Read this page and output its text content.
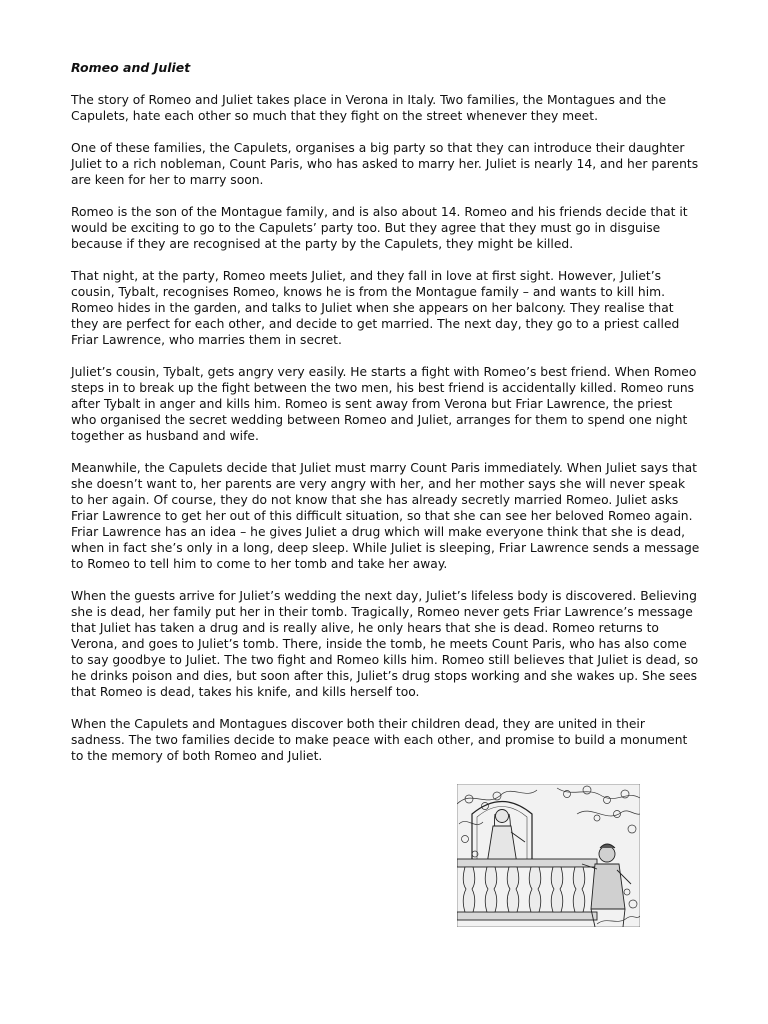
Romeo and Juliet

The story of Romeo and Juliet takes place in Verona in Italy. Two families, the Montagues and the Capulets, hate each other so much that they fight on the street whenever they meet.

One of these families, the Capulets, organises a big party so that they can introduce their daughter Juliet to a rich nobleman, Count Paris, who has asked to marry her. Juliet is nearly 14, and her parents are keen for her to marry soon.

Romeo is the son of the Montague family, and is also about 14. Romeo and his friends decide that it would be exciting to go to the Capulets’ party too. But they agree that they must go in disguise because if they are recognised at the party by the Capulets, they might be killed.

That night, at the party, Romeo meets Juliet, and they fall in love at first sight. However, Juliet’s cousin, Tybalt, recognises Romeo, knows he is from the Montague family – and wants to kill him. Romeo hides in the garden, and talks to Juliet when she appears on her balcony. They realise that they are perfect for each other, and decide to get married. The next day, they go to a priest called Friar Lawrence, who marries them in secret.

Juliet’s cousin, Tybalt, gets angry very easily. He starts a fight with Romeo’s best friend. When Romeo steps in to break up the fight between the two men, his best friend is accidentally killed. Romeo runs after Tybalt in anger and kills him. Romeo is sent away from Verona but Friar Lawrence, the priest who organised the secret wedding between Romeo and Juliet, arranges for them to spend one night together as husband and wife.

Meanwhile, the Capulets decide that Juliet must marry Count Paris immediately. When Juliet says that she doesn’t want to, her parents are very angry with her, and her mother says she will never speak to her again. Of course, they do not know that she has already secretly married Romeo. Juliet asks Friar Lawrence to get her out of this difficult situation, so that she can see her beloved Romeo again. Friar Lawrence has an idea – he gives Juliet a drug which will make everyone think that she is dead, when in fact she’s only in a long, deep sleep. While Juliet is sleeping, Friar Lawrence sends a message to Romeo to tell him to come to her tomb and take her away.

When the guests arrive for Juliet’s wedding the next day, Juliet’s lifeless body is discovered. Believing she is dead, her family put her in their tomb. Tragically, Romeo never gets Friar Lawrence’s message that Juliet has taken a drug and is really alive, he only hears that she is dead. Romeo returns to Verona, and goes to Juliet’s tomb. There, inside the tomb, he meets Count Paris, who has also come to say goodbye to Juliet. The two fight and Romeo kills him. Romeo still believes that Juliet is dead, so he drinks poison and dies, but soon after this, Juliet’s drug stops working and she wakes up. She sees that Romeo is dead, takes his knife, and kills herself too.

When the Capulets and Montagues discover both their children dead, they are united in their sadness. The two families decide to make peace with each other, and promise to build a monument to the memory of both Romeo and Juliet.
